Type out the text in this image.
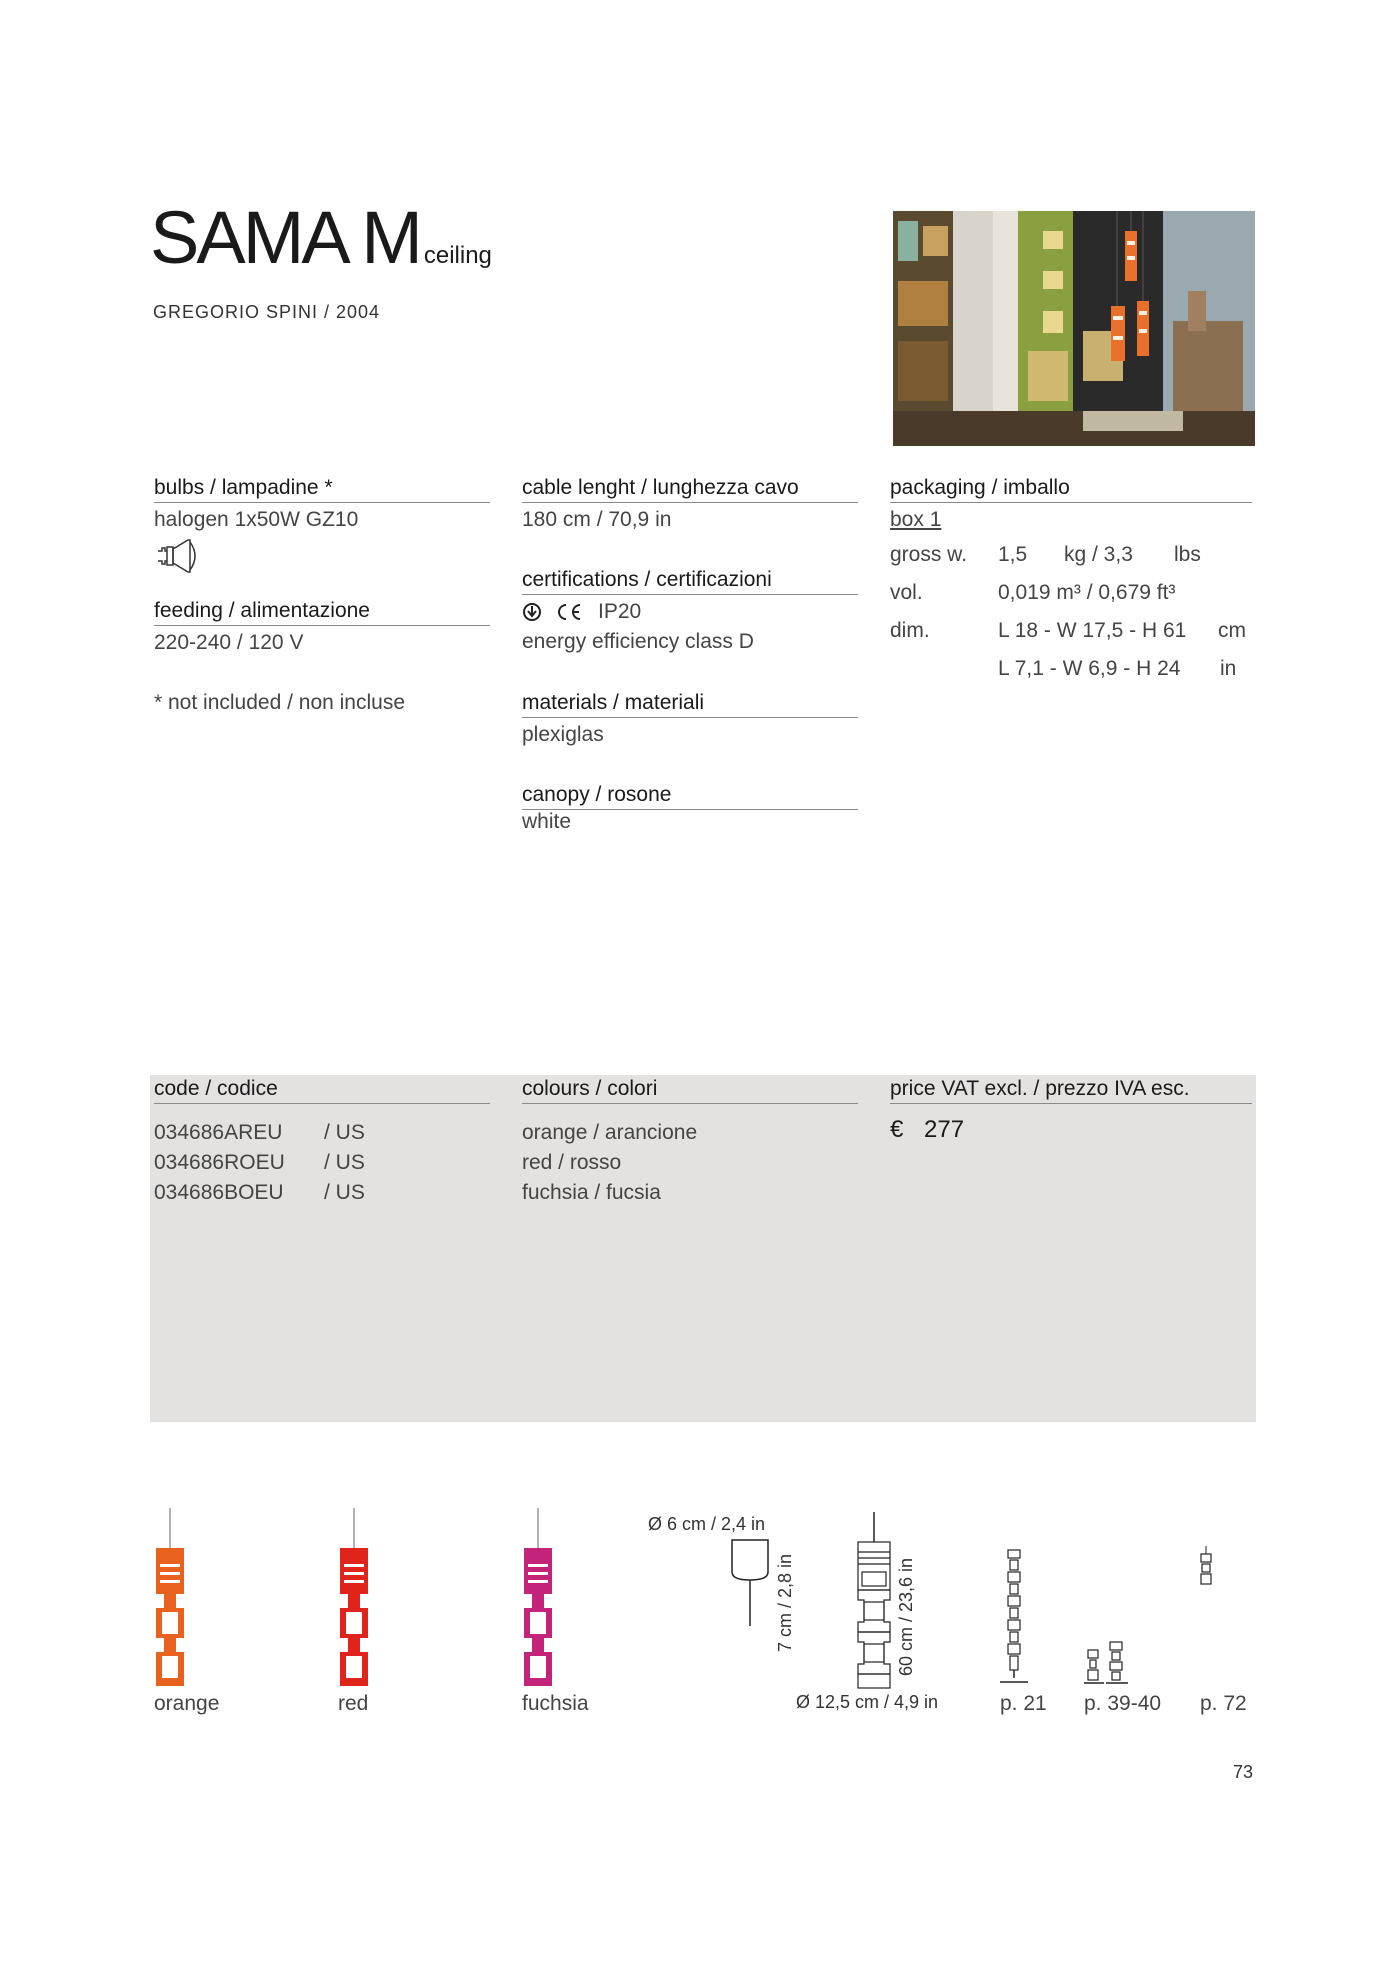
SAMA M ceiling
GREGORIO SPINI / 2004
bulbs / lampadine *
halogen 1x50W GZ10
feeding / alimentazione
220-240 / 120 V
* not included / non incluse
cable lenght / lunghezza cavo
180 cm / 70,9 in
certifications / certificazioni
IP20
energy efficiency class D
materials / materiali
plexiglas
canopy / rosone
white
packaging / imballo
box 1
gross w. 1,5 kg / 3,3 lbs
vol.	0,019 m³ / 0,679 ft³
dim.	L 18 - W 17,5 - H 61 cm
L 7,1 - W 6,9 - H 24 in
code / codice	colours / colori	price VAT excl. / prezzo IVA esc.
034686AREU / US	orange / arancione
034686ROEU / US	red / rosso
034686BOEU / US	fuchsia / fucsia
€ 277
orange	red	fuchsia
Ø 6 cm / 2,4 in
7 cm / 2,8 in	60 cm / 23,6 in
Ø 12,5 cm / 4,9 in	p. 21 p. 39-40 p. 72
73
